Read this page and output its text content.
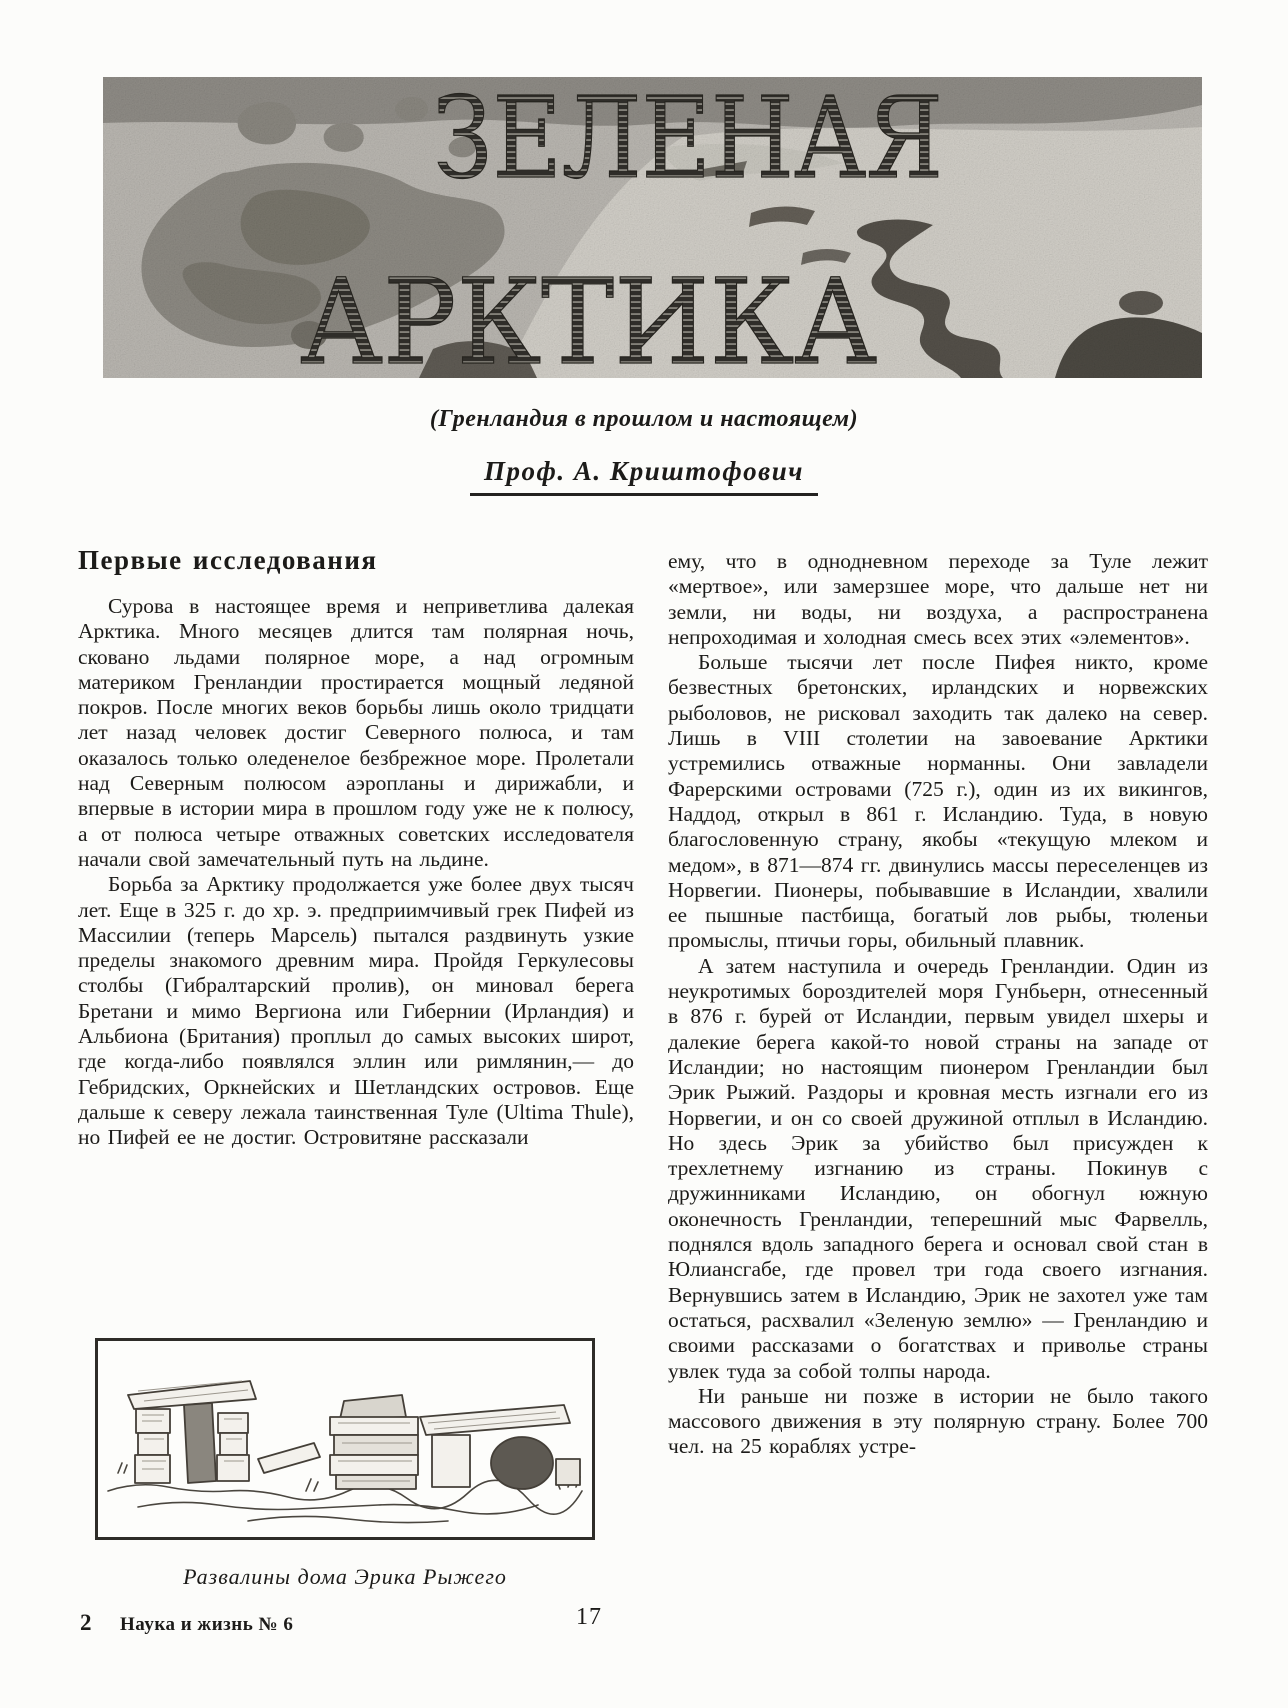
ЗЕЛЕНАЯ
АРКТИКА
(Гренландия в прошлом и настоящем)
Проф. А. Криштофович
Первые исследования

Сурова в настоящее время и неприветлива далекая Арктика. Много месяцев длится там полярная ночь, сковано льдами полярное море, а над огромным материком Гренландии простирается мощный ледяной покров. После многих веков борьбы лишь около тридцати лет назад человек достиг Северного полюса, и там оказалось только оледенелое безбрежное море. Пролетали над Северным полюсом аэропланы и дирижабли, и впервые в истории мира в прошлом году уже не к полюсу, а от полюса четыре отважных советских исследователя начали свой замечательный путь на льдине.

Борьба за Арктику продолжается уже более двух тысяч лет. Еще в 325 г. до хр. э. предприимчивый грек Пифей из Массилии (теперь Марсель) пытался раздвинуть узкие пределы знакомого древним мира. Пройдя Геркулесовы столбы (Гибралтарский пролив), он миновал берега Бретани и мимо Вергиона или Гибернии (Ирландия) и Альбиона (Британия) проплыл до самых высоких широт, где когда-либо появлялся эллин или римлянин,— до Гебридских, Оркнейских и Шетландских островов. Еще дальше к северу лежала таинственная Туле (Ultima Thule), но Пифей ее не достиг. Островитяне рассказали

ему, что в однодневном переходе за Туле лежит «мертвое», или замерзшее море, что дальше нет ни земли, ни воды, ни воздуха, а распространена непроходимая и холодная смесь всех этих «элементов».

Больше тысячи лет после Пифея никто, кроме безвестных бретонских, ирландских и норвежских рыболовов, не рисковал заходить так далеко на север. Лишь в VIII столетии на завоевание Арктики устремились отважные норманны. Они завладели Фарерскими островами (725 г.), один из их викингов, Наддод, открыл в 861 г. Исландию. Туда, в новую благословенную страну, якобы «текущую млеком и медом», в 871—874 гг. двинулись массы переселенцев из Норвегии. Пионеры, побывавшие в Исландии, хвалили ее пышные пастбища, богатый лов рыбы, тюленьи промыслы, птичьи горы, обильный плавник.

А затем наступила и очередь Гренландии. Один из неукротимых бороздителей моря Гунбьерн, отнесенный в 876 г. бурей от Исландии, первым увидел шхеры и далекие берега какой-то новой страны на западе от Исландии; но настоящим пионером Гренландии был Эрик Рыжий. Раздоры и кровная месть изгнали его из Норвегии, и он со своей дружиной отплыл в Исландию. Но здесь Эрик за убийство был присужден к трехлетнему изгнанию из страны. Покинув с дружинниками Исландию, он обогнул южную оконечность Гренландии, теперешний мыс Фарвелль, поднялся вдоль западного берега и основал свой стан в Юлиансгабе, где провел три года своего изгнания. Вернувшись затем в Исландию, Эрик не захотел уже там остаться, расхвалил «Зеленую землю» — Гренландию и своими рассказами о богатствах и приволье страны увлек туда за собой толпы народа.

Ни раньше ни позже в истории не было такого массового движения в эту полярную страну. Более 700 чел. на 25 кораблях устре-

Развалины дома Эрика Рыжего
2 Наука и жизнь № 6	17
